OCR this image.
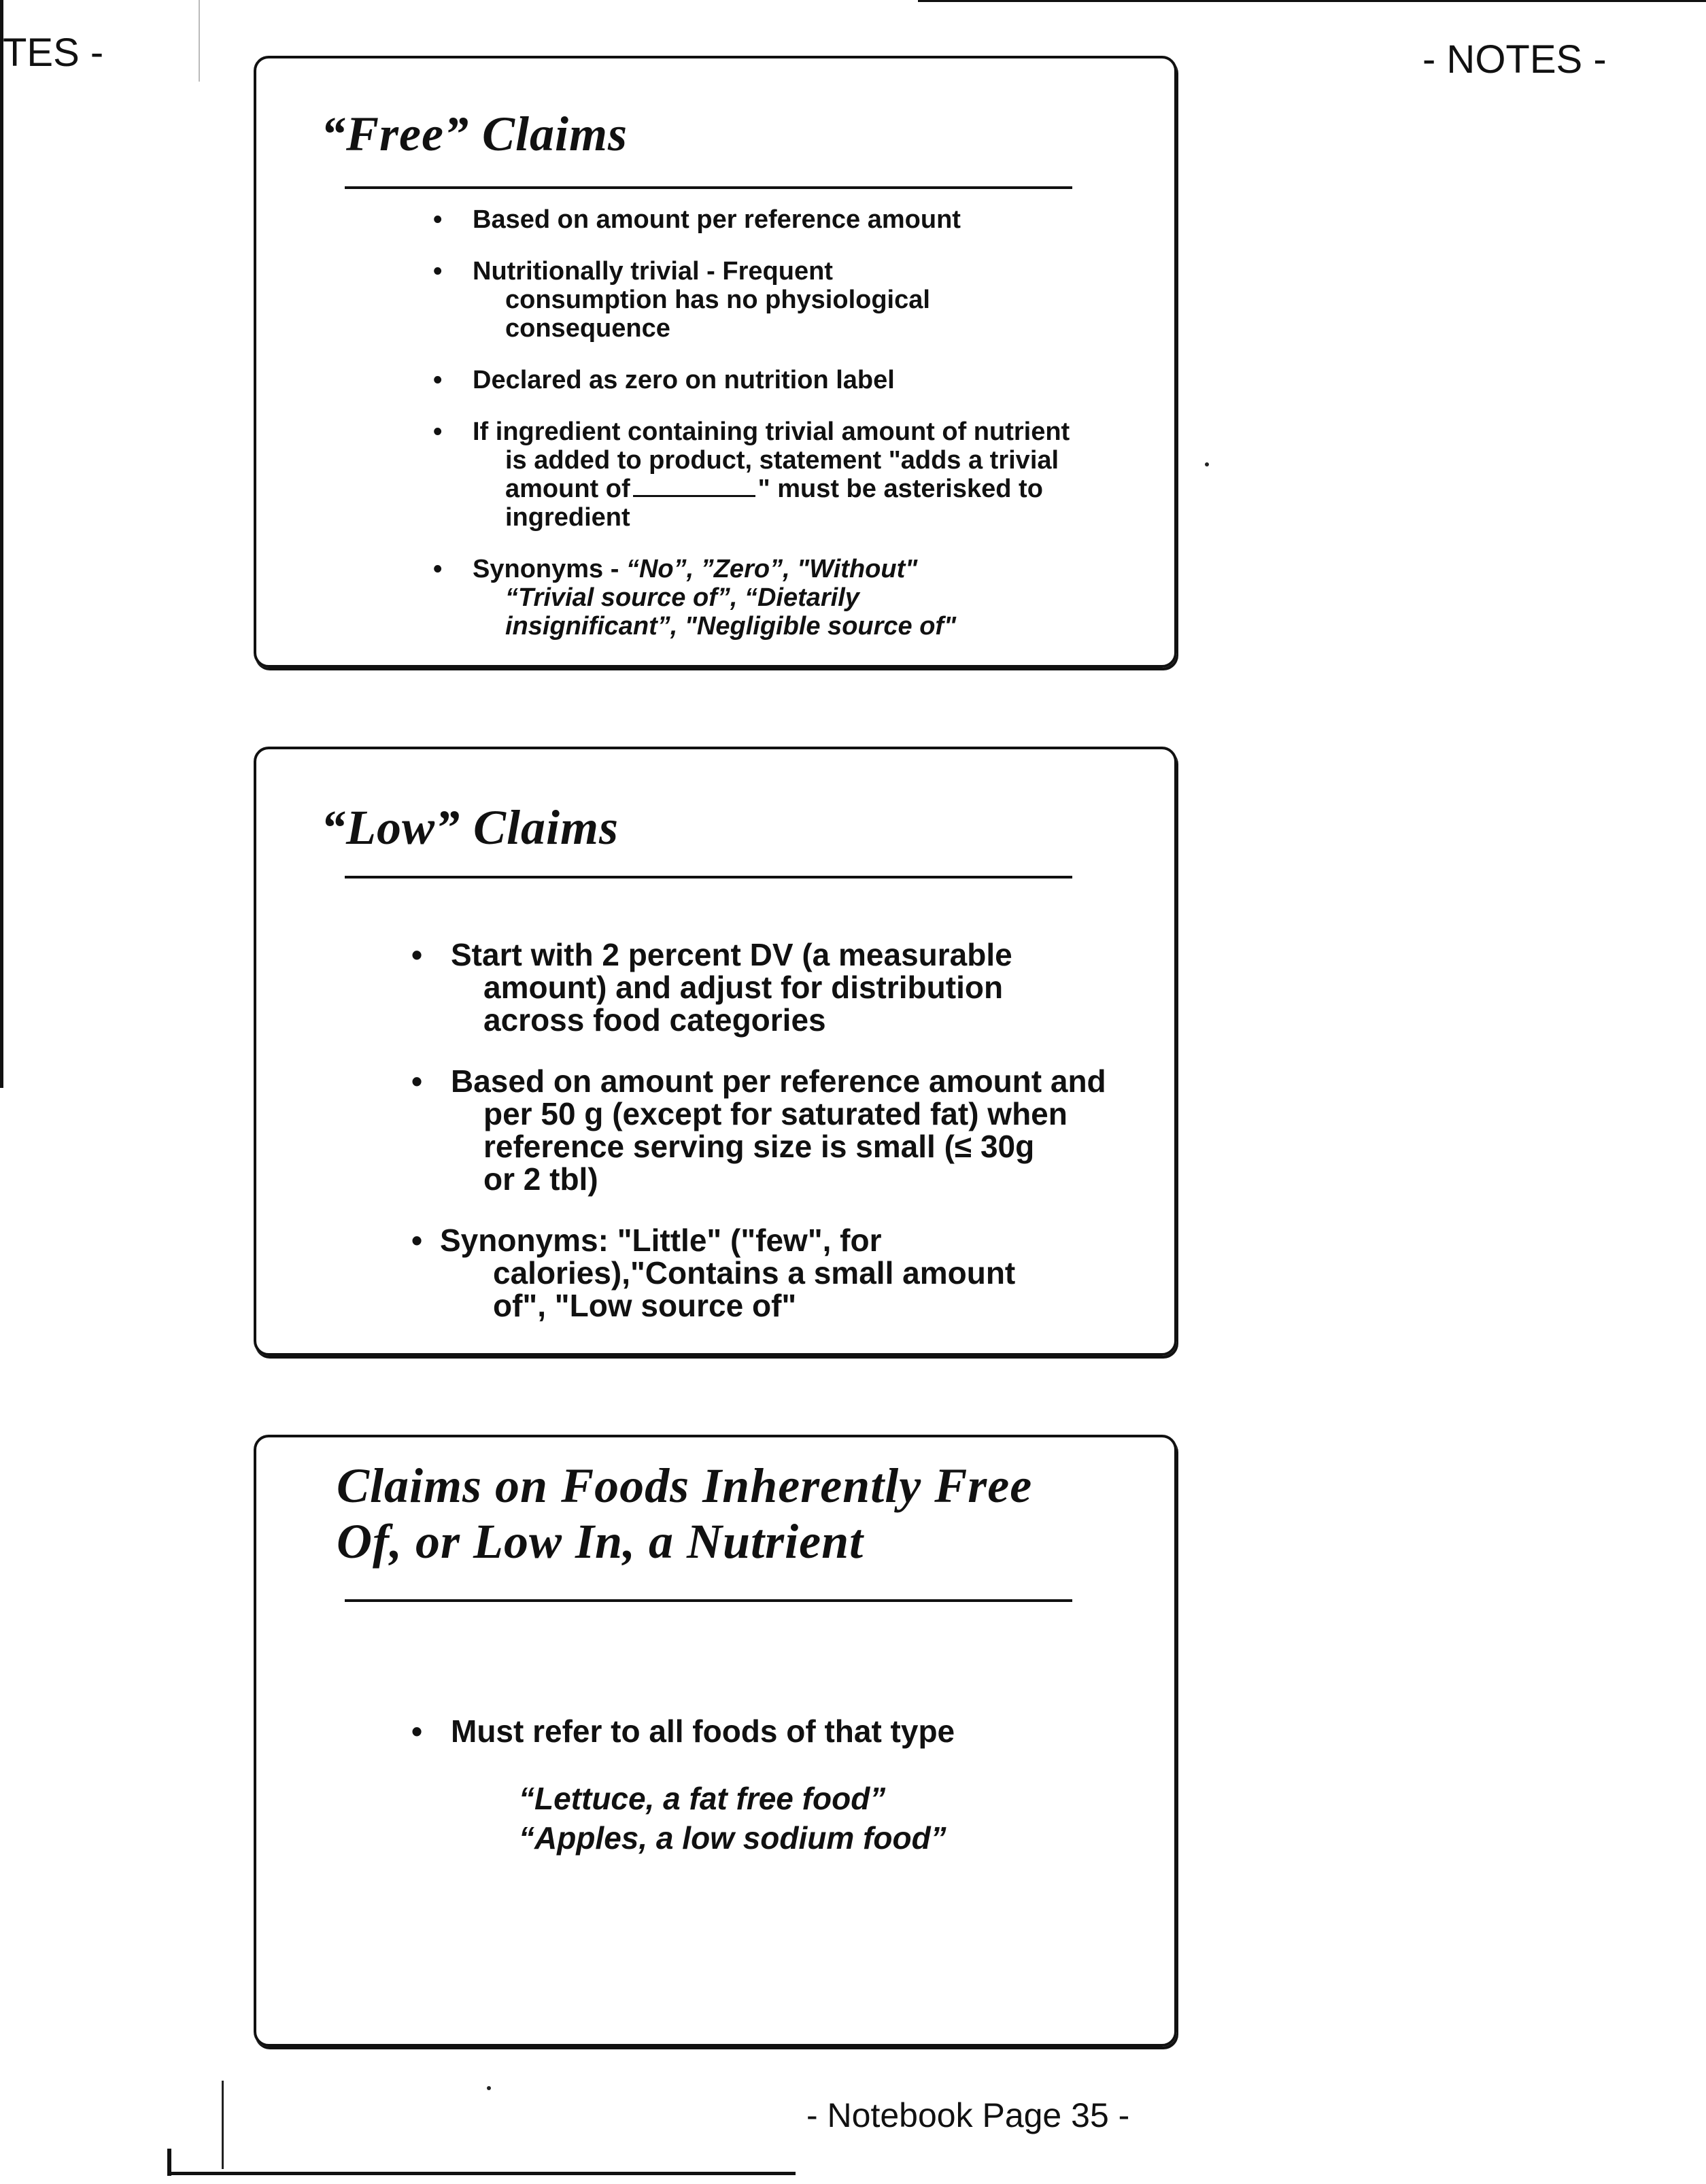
TES -	- NOTES -
“Free” Claims
• Based on amount per reference amount
• Nutritionally trivial - Frequent
consumption has no physiological
consequence
• Declared as zero on nutrition label
• If ingredient containing trivial amount of nutrient
is added to product, statement "adds a trivial
amount of	" must be asterisked to
ingredient
• Synonyms - “No”, ”Zero”, "Without"
“Trivial source of”, “Dietarily
insignificant”, "Negligible source of"
“Low” Claims
• Start with 2 percent DV (a measurable
amount) and adjust for distribution
across food categories
• Based on amount per reference amount and
per 50 g (except for saturated fat) when
reference serving size is small (≤ 30g
or 2 tbl)
• Synonyms: "Little" ("few", for
calories),"Contains a small amount
of", "Low source of"
Claims on Foods Inherently Free
Of, or Low In, a Nutrient
• Must refer to all foods of that type
“Lettuce, a fat free food”
“Apples, a low sodium food”
- Notebook Page 35 -
